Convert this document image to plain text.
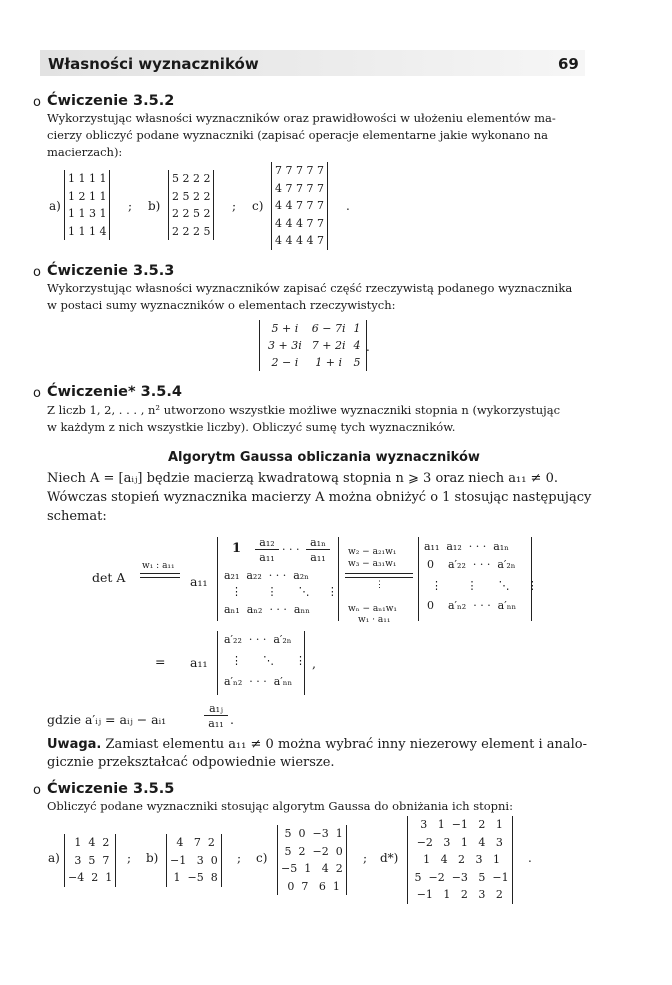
Własności wyznaczników	69
o Ćwiczenie 3.5.2
Wykorzystując własności wyznaczników oraz prawidłowości w ułożeniu elementów ma-
cierzy obliczyć podane wyznaczniki (zapisać operacje elementarne jakie wykonano na
macierzach):
a)
1 1 1 1
1 2 1 1
1 1 3 1
1 1 1 4
; b)
5 2 2 2
2 5 2 2
2 2 5 2
2 2 2 5
; c)
7 7 7 7 7
4 7 7 7 7
4 4 7 7 7
4 4 4 7 7
4 4 4 4 7
.
o Ćwiczenie 3.5.3
Wykorzystując własności wyznaczników zapisać część rzeczywistą podanego wyznacznika
w postaci sumy wyznaczników o elementach rzeczywistych:
5 + i	6 − 7i	1
3 + 3i	7 + 2i	4
2 − i	1 + i	5
.
o Ćwiczenie* 3.5.4
Z liczb 1, 2, . . . , n² utworzono wszystkie możliwe wyznaczniki stopnia n (wykorzystując
w każdym z nich wszystkie liczby). Obliczyć sumę tych wyznaczników.
Algorytm Gaussa obliczania wyznaczników
Niech A = [aᵢⱼ] będzie macierzą kwadratową stopnia n ⩾ 3 oraz niech a₁₁ ≠ 0.
Wówczas stopień wyznacznika macierzy A można obniżyć o 1 stosując następujący
schemat:
det A
w₁ : a₁₁
a₁₁
1	a₁₂
a₁₁
· · ·
a₁ₙ
a₁₁
a₂₁  a₂₂  · · ·  a₂ₙ
⋮       ⋮      ⋱     ⋮
aₙ₁  aₙ₂  · · ·  aₙₙ
w₂ − a₂₁w₁
w₃ − a₃₁w₁
⋮
wₙ − aₙ₁w₁
w₁ · a₁₁
a₁₁  a₁₂  · · ·  a₁ₙ
0    a′₂₂  · · ·  a′₂ₙ
⋮       ⋮      ⋱     ⋮
0    a′ₙ₂  · · ·  a′ₙₙ
= a₁₁
a′₂₂  · · ·  a′₂ₙ
⋮      ⋱      ⋮
a′ₙ₂  · · ·  a′ₙₙ
,
gdzie a′ᵢⱼ = aᵢⱼ − aᵢ₁
a₁ⱼ
a₁₁ .
Uwaga. Zamiast elementu a₁₁ ≠ 0 można wybrać inny niezerowy element i analo-
gicznie przekształcać odpowiednie wiersze.
o Ćwiczenie 3.5.5
Obliczyć podane wyznaczniki stosując algorytm Gaussa do obniżania ich stopni:
a)
1  4  2
3  5  7
−4  2  1
; b)
4   7  2
−1   3  0
1  −5  8
; c)
5  0  −3  1
5  2  −2  0
−5  1   4  2
0  7   6  1
; d*)
3   1  −1   2   1
−2   3   1   4   3
1   4   2   3   1
5  −2  −3   5  −1
−1   1   2   3   2
.
